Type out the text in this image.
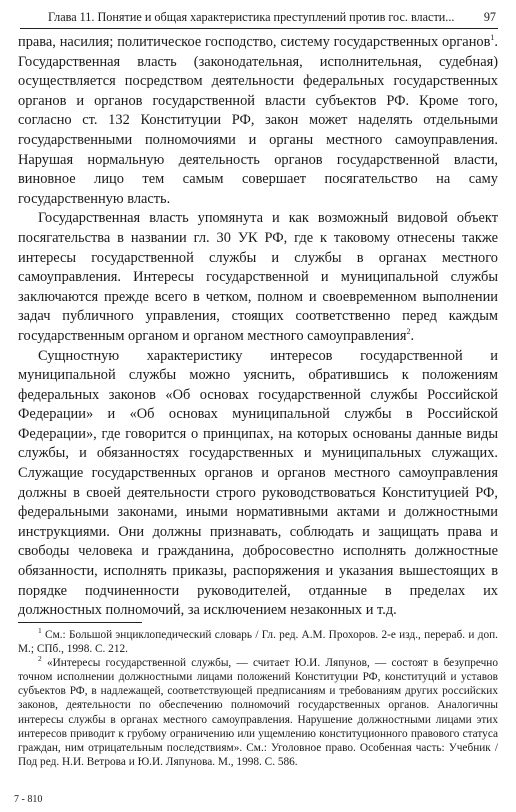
Глава 11. Понятие и общая характеристика преступлений против гос. власти... 97

права, насилия; политическое господство, систему государственных органов$^1$. Государственная власть (законодательная, исполнительная, судебная) осуществляется посредством деятельности федеральных государственных органов и органов государственной власти субъектов РФ. Кроме того, согласно ст. 132 Конституции РФ, закон может наделять отдельными государственными полномочиями и органы местного самоуправления. Нарушая нормальную деятельность органов государственной власти, виновное лицо тем самым совершает посягательство на саму государственную власть.

Государственная власть упомянута и как возможный видовой объект посягательства в названии гл. 30 УК РФ, где к таковому отнесены также интересы государственной службы и службы в органах местного самоуправления. Интересы государственной и муниципальной службы заключаются прежде всего в четком, полном и своевременном выполнении задач публичного управления, стоящих соответственно перед каждым государственным органом и органом местного самоуправления$^2$.

Сущностную характеристику интересов государственной и муниципальной службы можно уяснить, обратившись к положениям федеральных законов «Об основах государственной службы Российской Федерации» и «Об основах муниципальной службы в Российской Федерации», где говорится о принципах, на которых основаны данные виды службы, и обязанностях государственных и муниципальных служащих. Служащие государственных органов и органов местного самоуправления должны в своей деятельности строго руководствоваться Конституцией РФ, федеральными законами, иными нормативными актами и должностными инструкциями. Они должны признавать, соблюдать и защищать права и свободы человека и гражданина, добросовестно исполнять должностные обязанности, исполнять приказы, распоряжения и указания вышестоящих в порядке подчиненности руководителей, отданные в пределах их должностных полномочий, за исключением незаконных и т.д.

$^1$ См.: Большой энциклопедический словарь / Гл. ред. А.М. Прохоров. 2-е изд., перераб. и доп. М.; СПб., 1998. С. 212.

$^2$ «Интересы государственной службы, — считает Ю.И. Ляпунов, — состоят в безупречно точном исполнении должностными лицами положений Конституции РФ, конституций и уставов субъектов РФ, в надлежащей, соответствующей предписаниям и требованиям других российских законов, деятельности по обеспечению полномочий государственных органов. Аналогичны интересы службы в органах местного самоуправления. Нарушение должностными лицами этих интересов приводит к грубому ограничению или ущемлению конституционного правового статуса граждан, ним отрицательным последствиям». См.: Уголовное право. Особенная часть: Учебник / Под ред. Н.И. Ветрова и Ю.И. Ляпунова. М., 1998. С. 586.

7 - 810
